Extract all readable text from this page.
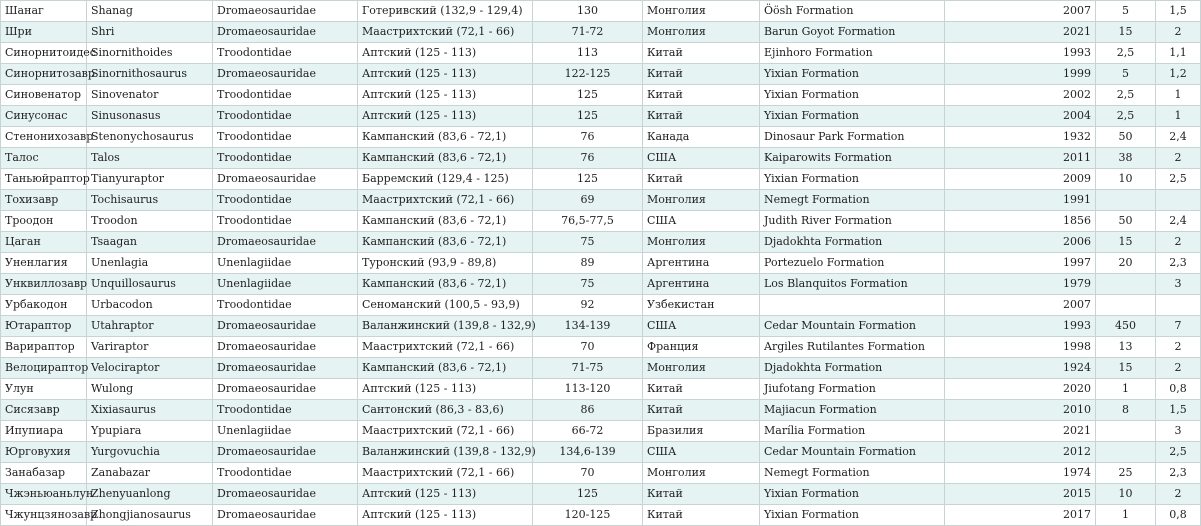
Шанаг	Shanag	Dromaeosauridae	Готеривский (132,9 - 129,4)	130	Монголия	Öösh Formation	2007	5	1,5
Шри	Shri	Dromaeosauridae	Маастрихтский (72,1 - 66)	71-72	Монголия	Barun Goyot Formation	2021	15	2
Синорнитоидес	Sinornithoides	Troodontidae	Аптский (125 - 113)	113	Китай	Ejinhoro Formation	1993	2,5	1,1
Синорнитозавр	Sinornithosaurus	Dromaeosauridae	Аптский (125 - 113)	122-125	Китай	Yixian Formation	1999	5	1,2
Синовенатор	Sinovenator	Troodontidae	Аптский (125 - 113)	125	Китай	Yixian Formation	2002	2,5	1
Синусонас	Sinusonasus	Troodontidae	Аптский (125 - 113)	125	Китай	Yixian Formation	2004	2,5	1
Стенонихозавр	Stenonychosaurus	Troodontidae	Кампанский (83,6 - 72,1)	76	Канада	Dinosaur Park Formation	1932	50	2,4
Талос	Talos	Troodontidae	Кампанский (83,6 - 72,1)	76	США	Kaiparowits Formation	2011	38	2
Таньюйраптор	Tianyuraptor	Dromaeosauridae	Барремский (129,4 - 125)	125	Китай	Yixian Formation	2009	10	2,5
Тохизавр	Tochisaurus	Troodontidae	Маастрихтский (72,1 - 66)	69	Монголия	Nemegt Formation	1991		
Троодон	Troodon	Troodontidae	Кампанский (83,6 - 72,1)	76,5-77,5	США	Judith River Formation	1856	50	2,4
Цаган	Tsaagan	Dromaeosauridae	Кампанский (83,6 - 72,1)	75	Монголия	Djadokhta Formation	2006	15	2
Уненлагия	Unenlagia	Unenlagiidae	Туронский (93,9 - 89,8)	89	Аргентина	Portezuelo Formation	1997	20	2,3
Унквиллозавр	Unquillosaurus	Unenlagiidae	Кампанский (83,6 - 72,1)	75	Аргентина	Los Blanquitos Formation	1979		3
Урбакодон	Urbacodon	Troodontidae	Сеноманский (100,5 - 93,9)	92	Узбекистан		2007		
Ютараптор	Utahraptor	Dromaeosauridae	Валанжинский (139,8 - 132,9)	134-139	США	Cedar Mountain Formation	1993	450	7
Варираптор	Variraptor	Dromaeosauridae	Маастрихтский (72,1 - 66)	70	Франция	Argiles Rutilantes Formation	1998	13	2
Велоцираптор	Velociraptor	Dromaeosauridae	Кампанский (83,6 - 72,1)	71-75	Монголия	Djadokhta Formation	1924	15	2
Улун	Wulong	Dromaeosauridae	Аптский (125 - 113)	113-120	Китай	Jiufotang Formation	2020	1	0,8
Сисязавр	Xixiasaurus	Troodontidae	Сантонский (86,3 - 83,6)	86	Китай	Majiacun Formation	2010	8	1,5
Ипупиара	Ypupiara	Unenlagiidae	Маастрихтский (72,1 - 66)	66-72	Бразилия	Marília Formation	2021		3
Юрговухия	Yurgovuchia	Dromaeosauridae	Валанжинский (139,8 - 132,9)	134,6-139	США	Cedar Mountain Formation	2012		2,5
Занабазар	Zanabazar	Troodontidae	Маастрихтский (72,1 - 66)	70	Монголия	Nemegt Formation	1974	25	2,3
Чжэньюаньлун	Zhenyuanlong	Dromaeosauridae	Аптский (125 - 113)	125	Китай	Yixian Formation	2015	10	2
Чжунцзянозавр	Zhongjianosaurus	Dromaeosauridae	Аптский (125 - 113)	120-125	Китай	Yixian Formation	2017	1	0,8
